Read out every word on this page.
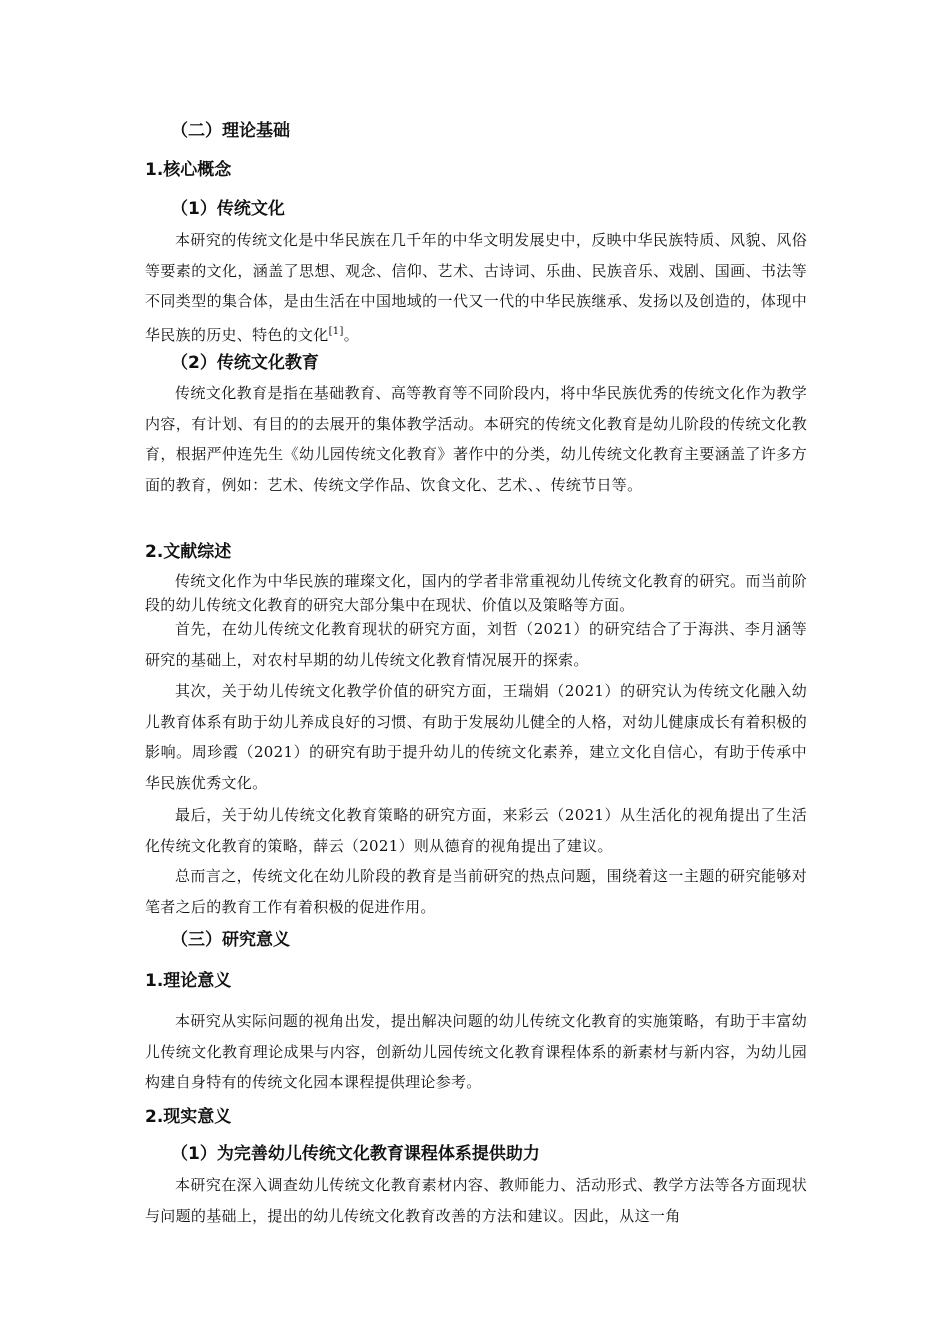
（二）理论基础
1.核心概念
（1）传统文化

本研究的传统文化是中华民族在几千年的中华文明发展史中，反映中华民族特质、风貌、风俗等要素的文化，涵盖了思想、观念、信仰、艺术、古诗词、乐曲、民族音乐、戏剧、国画、书法等不同类型的集合体，是由生活在中国地域的一代又一代的中华民族继承、发扬以及创造的，体现中华民族的历史、特色的文化[1]。

（2）传统文化教育

传统文化教育是指在基础教育、高等教育等不同阶段内，将中华民族优秀的传统文化作为教学内容，有计划、有目的的去展开的集体教学活动。本研究的传统文化教育是幼儿阶段的传统文化教育，根据严仲连先生《幼儿园传统文化教育》著作中的分类，幼儿传统文化教育主要涵盖了许多方面的教育，例如：艺术、传统文学作品、饮食文化、艺术、、传统节日等。

2.文献综述

传统文化作为中华民族的璀璨文化，国内的学者非常重视幼儿传统文化教育的研究。而当前阶段的幼儿传统文化教育的研究大部分集中在现状、价值以及策略等方面。

首先，在幼儿传统文化教育现状的研究方面，刘哲（2021）的研究结合了于海洪、李月涵等研究的基础上，对农村早期的幼儿传统文化教育情况展开的探索。

其次，关于幼儿传统文化教学价值的研究方面，王瑞娟（2021）的研究认为传统文化融入幼儿教育体系有助于幼儿养成良好的习惯、有助于发展幼儿健全的人格，对幼儿健康成长有着积极的影响。周珍霞（2021）的研究有助于提升幼儿的传统文化素养，建立文化自信心，有助于传承中华民族优秀文化。

最后，关于幼儿传统文化教育策略的研究方面，来彩云（2021）从生活化的视角提出了生活化传统文化教育的策略，薛云（2021）则从德育的视角提出了建议。

总而言之，传统文化在幼儿阶段的教育是当前研究的热点问题，围绕着这一主题的研究能够对笔者之后的教育工作有着积极的促进作用。

（三）研究意义
1.理论意义

本研究从实际问题的视角出发，提出解决问题的幼儿传统文化教育的实施策略，有助于丰富幼儿传统文化教育理论成果与内容，创新幼儿园传统文化教育课程体系的新素材与新内容，为幼儿园构建自身特有的传统文化园本课程提供理论参考。

2.现实意义
（1）为完善幼儿传统文化教育课程体系提供助力

本研究在深入调查幼儿传统文化教育素材内容、教师能力、活动形式、教学方法等各方面现状与问题的基础上，提出的幼儿传统文化教育改善的方法和建议。因此，从这一角
